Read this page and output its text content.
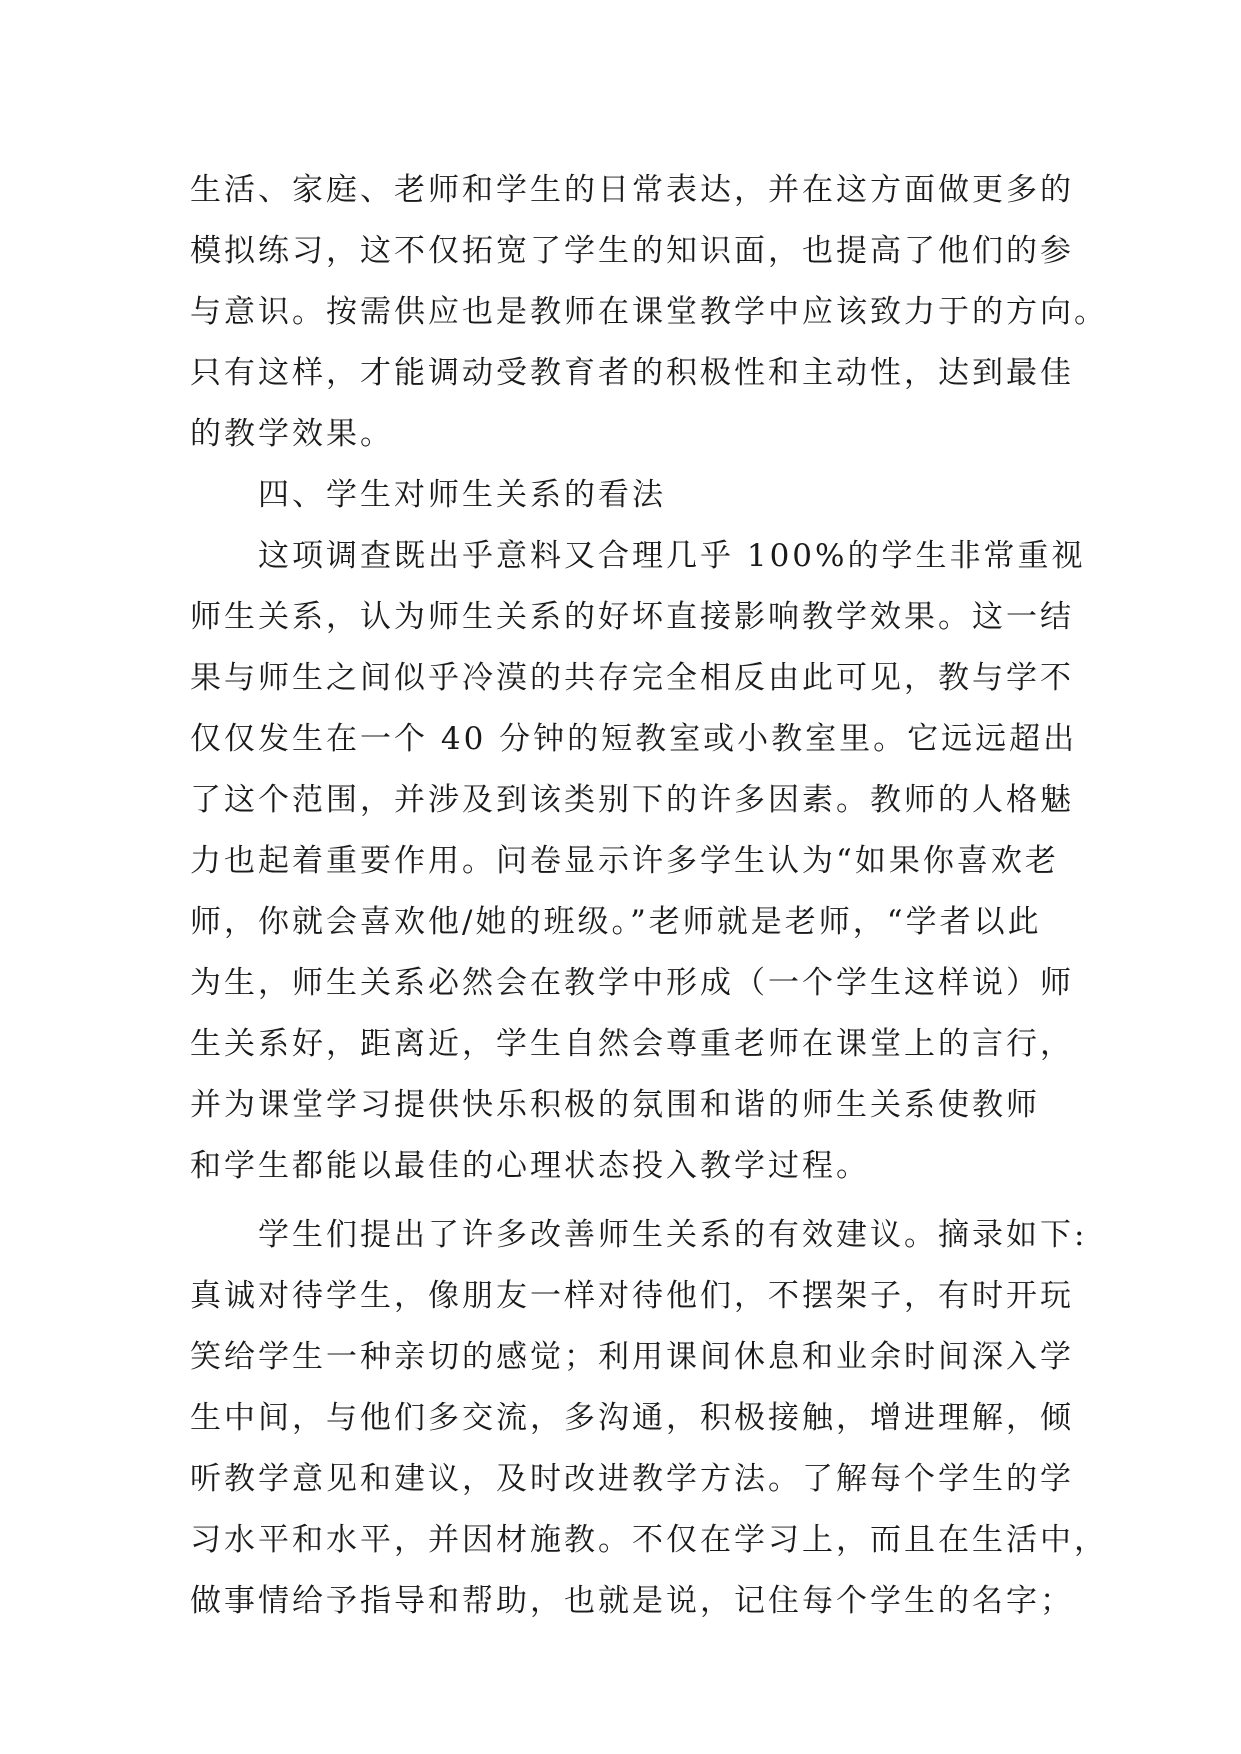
生活、家庭、老师和学生的日常表达，并在这方面做更多的
模拟练习，这不仅拓宽了学生的知识面，也提高了他们的参
与意识。按需供应也是教师在课堂教学中应该致力于的方向。
只有这样，才能调动受教育者的积极性和主动性，达到最佳
的教学效果。
四、学生对师生关系的看法
这项调查既出乎意料又合理几乎 100%的学生非常重视
师生关系，认为师生关系的好坏直接影响教学效果。这一结
果与师生之间似乎冷漠的共存完全相反由此可见，教与学不
仅仅发生在一个 40 分钟的短教室或小教室里。它远远超出
了这个范围，并涉及到该类别下的许多因素。教师的人格魅
力也起着重要作用。问卷显示许多学生认为“如果你喜欢老
师，你就会喜欢他/她的班级。”老师就是老师，“学者以此
为生，师生关系必然会在教学中形成（一个学生这样说）师
生关系好，距离近，学生自然会尊重老师在课堂上的言行，
并为课堂学习提供快乐积极的氛围和谐的师生关系使教师
和学生都能以最佳的心理状态投入教学过程。
学生们提出了许多改善师生关系的有效建议。摘录如下:
真诚对待学生，像朋友一样对待他们，不摆架子，有时开玩
笑给学生一种亲切的感觉；利用课间休息和业余时间深入学
生中间，与他们多交流，多沟通，积极接触，增进理解，倾
听教学意见和建议，及时改进教学方法。了解每个学生的学
习水平和水平，并因材施教。不仅在学习上，而且在生活中，
做事情给予指导和帮助，也就是说，记住每个学生的名字；
